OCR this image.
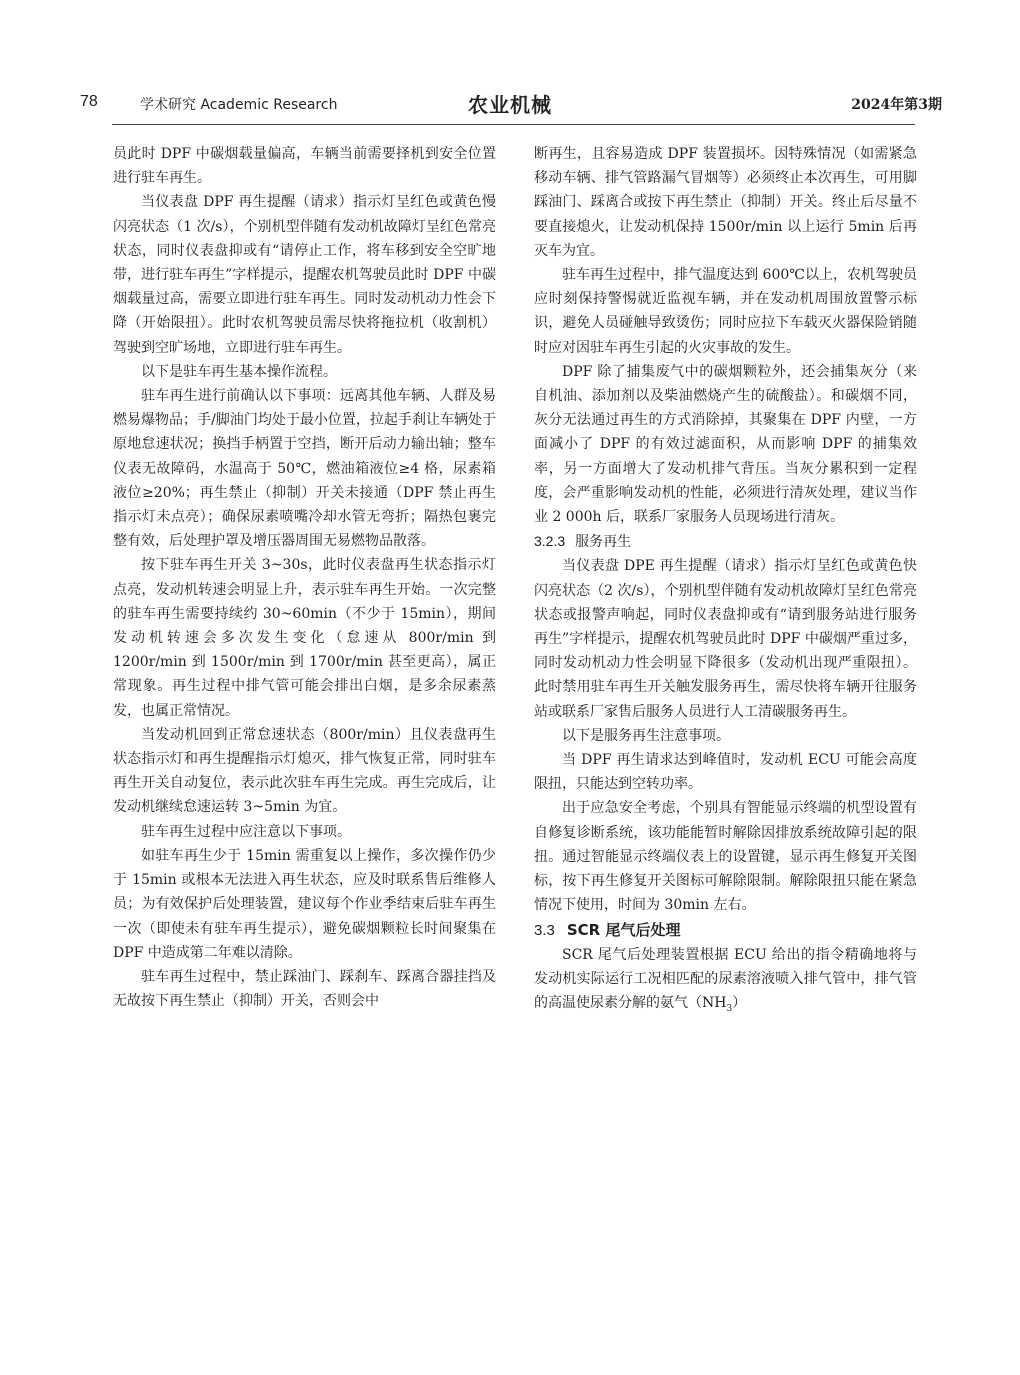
78	学术研究 Academic Research	农业机械	2024年第3期

员此时 DPF 中碳烟载量偏高，车辆当前需要择机到安全位置进行驻车再生。

当仪表盘 DPF 再生提醒（请求）指示灯呈红色或黄色慢闪亮状态（1 次/s），个别机型伴随有发动机故障灯呈红色常亮状态，同时仪表盘抑或有“请停止工作，将车移到安全空旷地带，进行驻车再生”字样提示，提醒农机驾驶员此时 DPF 中碳烟载量过高，需要立即进行驻车再生。同时发动机动力性会下降（开始限扭）。此时农机驾驶员需尽快将拖拉机（收割机）驾驶到空旷场地，立即进行驻车再生。

以下是驻车再生基本操作流程。

驻车再生进行前确认以下事项：远离其他车辆、人群及易燃易爆物品；手/脚油门均处于最小位置，拉起手刹让车辆处于原地怠速状况；换挡手柄置于空挡，断开后动力输出轴；整车仪表无故障码，水温高于 50℃，燃油箱液位≥4 格，尿素箱液位≥20%；再生禁止（抑制）开关未接通（DPF 禁止再生指示灯未点亮）；确保尿素喷嘴冷却水管无弯折；隔热包裹完整有效，后处理护罩及增压器周围无易燃物品散落。

按下驻车再生开关 3~30s，此时仪表盘再生状态指示灯点亮，发动机转速会明显上升，表示驻车再生开始。一次完整的驻车再生需要持续约 30~60min（不少于 15min），期间发动机转速会多次发生变化（怠速从 800r/min 到 1200r/min 到 1500r/min 到 1700r/min 甚至更高），属正常现象。再生过程中排气管可能会排出白烟，是多余尿素蒸发，也属正常情况。

当发动机回到正常怠速状态（800r/min）且仪表盘再生状态指示灯和再生提醒指示灯熄灭，排气恢复正常，同时驻车再生开关自动复位，表示此次驻车再生完成。再生完成后，让发动机继续怠速运转 3~5min 为宜。

驻车再生过程中应注意以下事项。

如驻车再生少于 15min 需重复以上操作，多次操作仍少于 15min 或根本无法进入再生状态，应及时联系售后维修人员；为有效保护后处理装置，建议每个作业季结束后驻车再生一次（即使未有驻车再生提示），避免碳烟颗粒长时间聚集在 DPF 中造成第二年难以清除。

驻车再生过程中，禁止踩油门、踩刹车、踩离合器挂挡及无故按下再生禁止（抑制）开关，否则会中

断再生，且容易造成 DPF 装置损坏。因特殊情况（如需紧急移动车辆、排气管路漏气冒烟等）必须终止本次再生，可用脚踩油门、踩离合或按下再生禁止（抑制）开关。终止后尽量不要直接熄火，让发动机保持 1500r/min 以上运行 5min 后再灭车为宜。

驻车再生过程中，排气温度达到 600℃以上，农机驾驶员应时刻保持警惕就近监视车辆，并在发动机周围放置警示标识，避免人员碰触导致烫伤；同时应拉下车载灭火器保险销随时应对因驻车再生引起的火灾事故的发生。

DPF 除了捕集废气中的碳烟颗粒外，还会捕集灰分（来自机油、添加剂以及柴油燃烧产生的硫酸盐）。和碳烟不同，灰分无法通过再生的方式消除掉，其聚集在 DPF 内壁，一方面减小了 DPF 的有效过滤面积，从而影响 DPF 的捕集效率，另一方面增大了发动机排气背压。当灰分累积到一定程度，会严重影响发动机的性能，必须进行清灰处理，建议当作业 2 000h 后，联系厂家服务人员现场进行清灰。

3.2.3 服务再生

当仪表盘 DPE 再生提醒（请求）指示灯呈红色或黄色快闪亮状态（2 次/s），个别机型伴随有发动机故障灯呈红色常亮状态或报警声响起，同时仪表盘抑或有“请到服务站进行服务再生”字样提示，提醒农机驾驶员此时 DPF 中碳烟严重过多，同时发动机动力性会明显下降很多（发动机出现严重限扭）。此时禁用驻车再生开关触发服务再生，需尽快将车辆开往服务站或联系厂家售后服务人员进行人工清碳服务再生。

以下是服务再生注意事项。

当 DPF 再生请求达到峰值时，发动机 ECU 可能会高度限扭，只能达到空转功率。

出于应急安全考虑，个别具有智能显示终端的机型设置有自修复诊断系统，该功能能暂时解除因排放系统故障引起的限扭。通过智能显示终端仪表上的设置键，显示再生修复开关图标，按下再生修复开关图标可解除限制。解除限扭只能在紧急情况下使用，时间为 30min 左右。

3.3 SCR 尾气后处理

SCR 尾气后处理装置根据 ECU 给出的指令精确地将与发动机实际运行工况相匹配的尿素溶液喷入排气管中，排气管的高温使尿素分解的氨气$(NH_3)$
